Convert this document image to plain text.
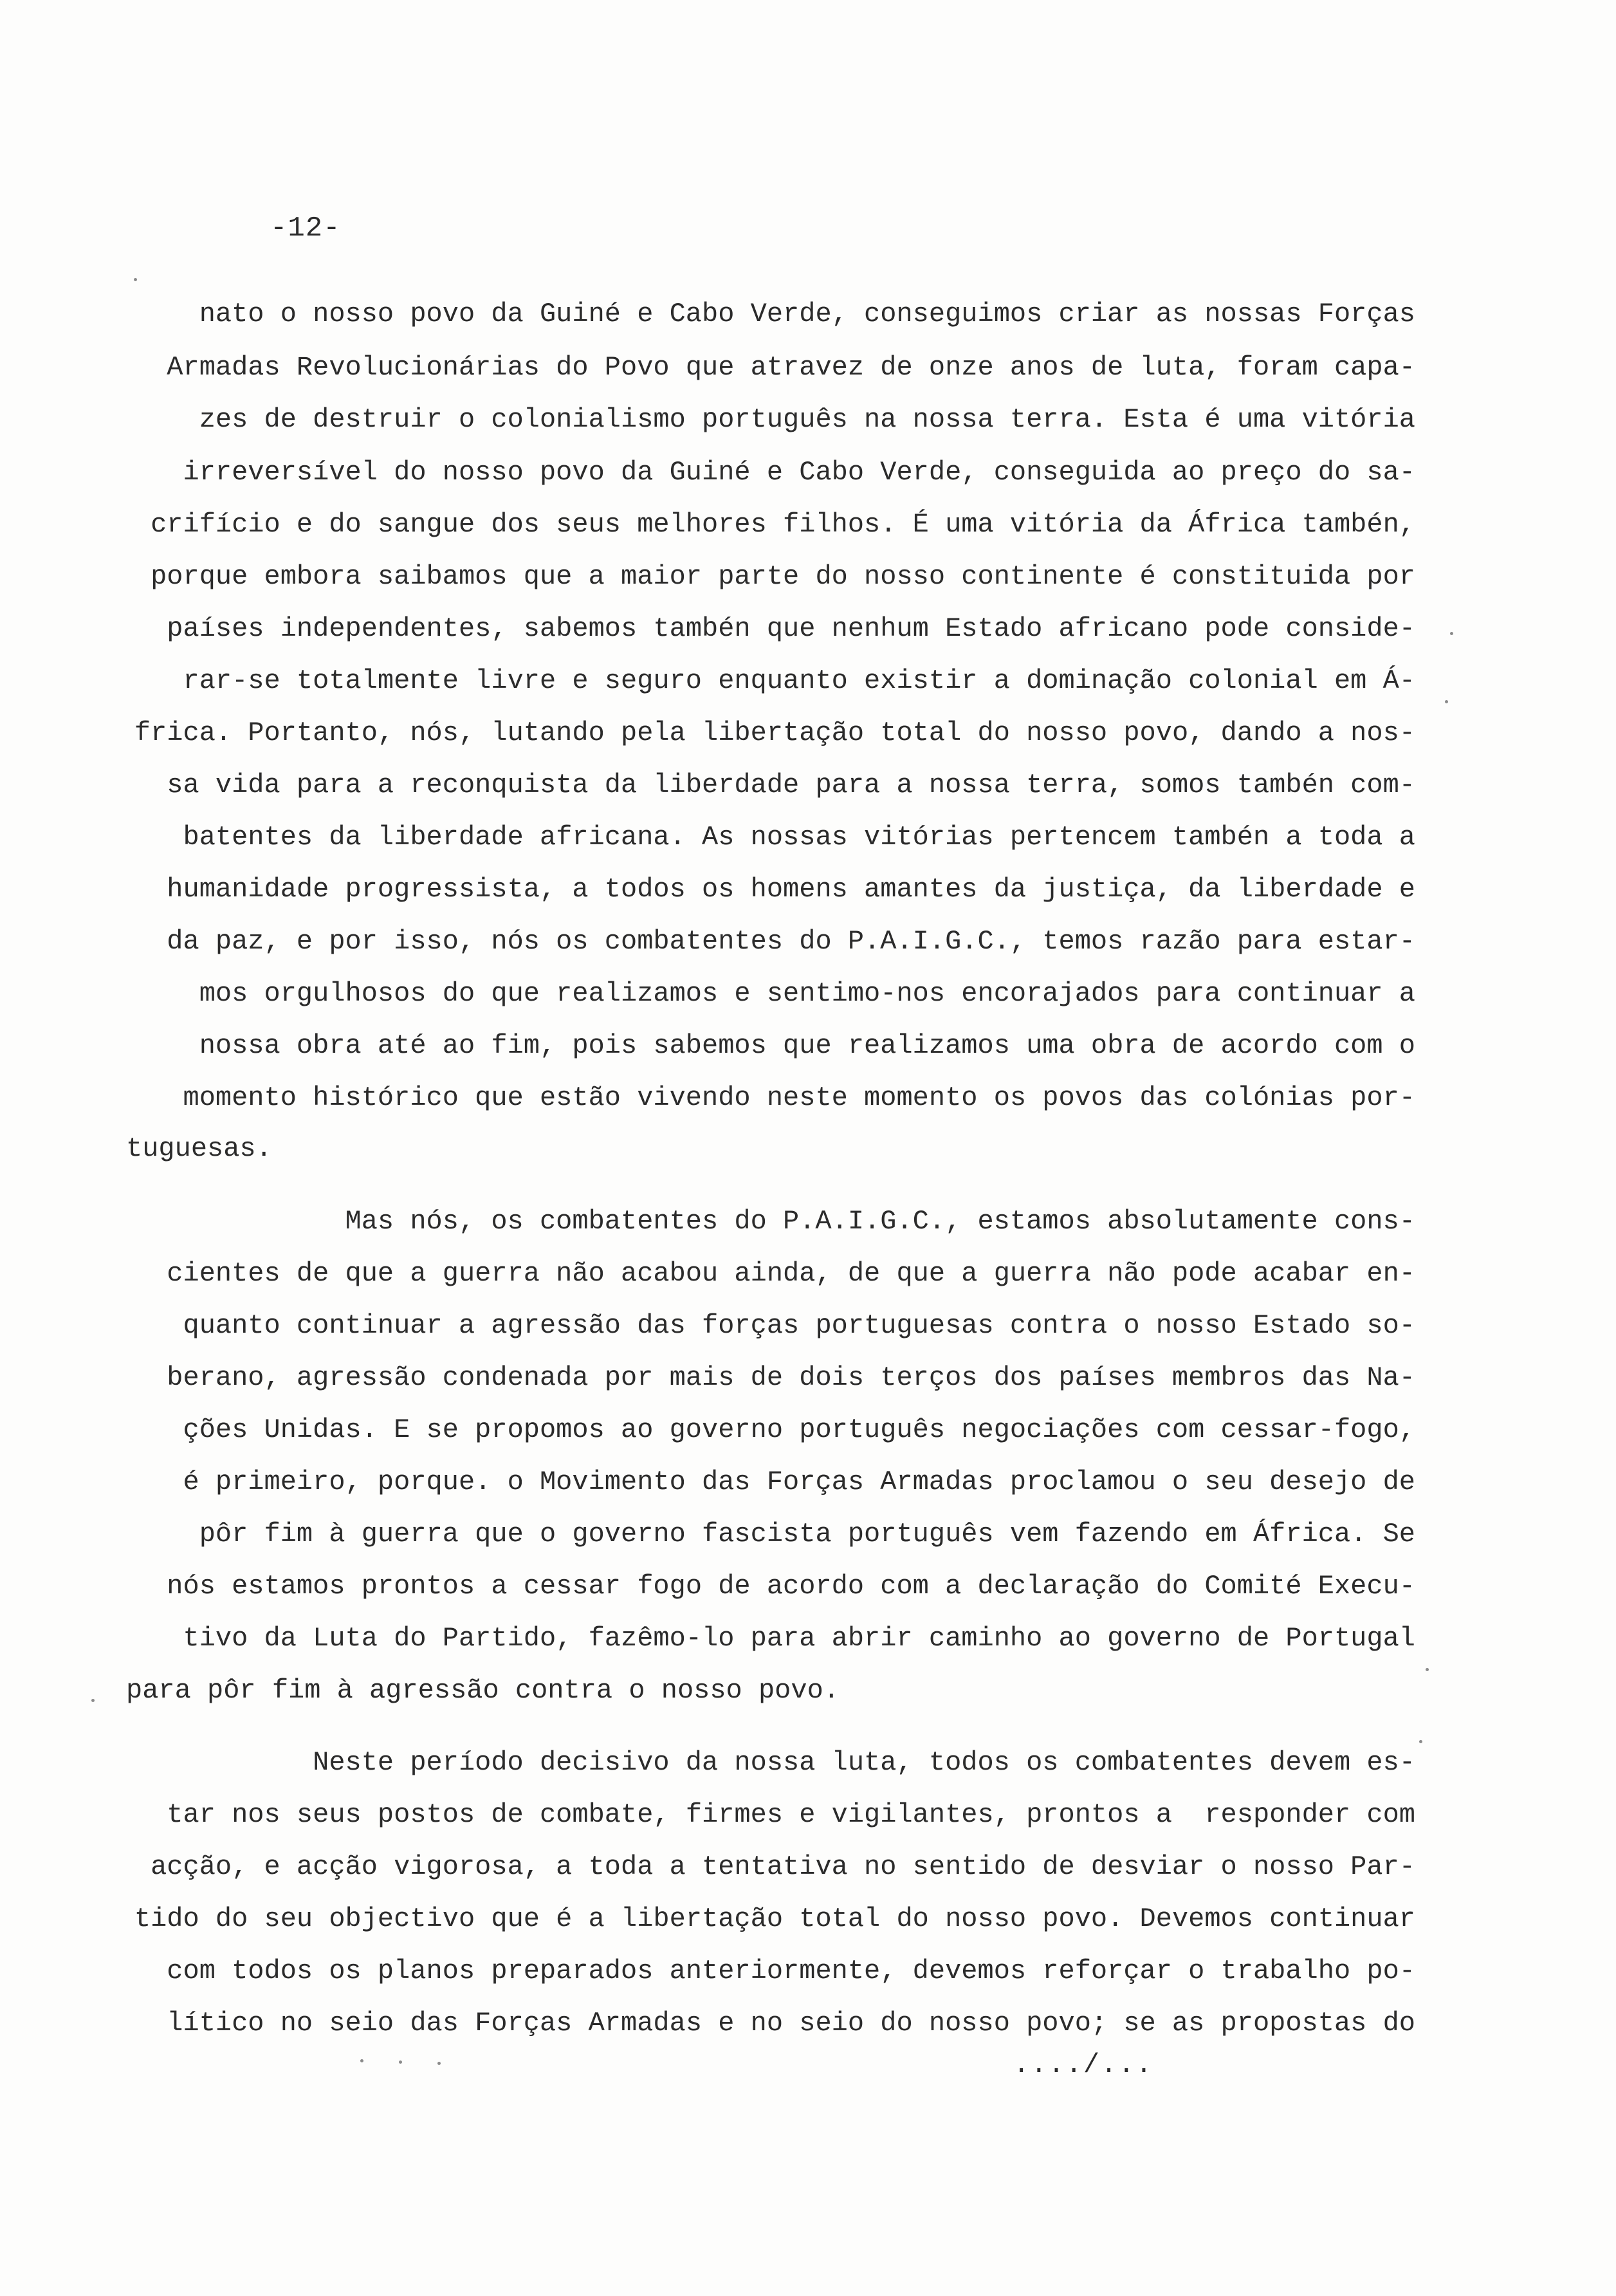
-12-
nato o nosso povo da Guiné e Cabo Verde, conseguimos criar as nossas Forças
Armadas Revolucionárias do Povo que atravez de onze anos de luta, foram capa-
zes de destruir o colonialismo português na nossa terra. Esta é uma vitória
irreversível do nosso povo da Guiné e Cabo Verde, conseguida ao preço do sa-
crifício e do sangue dos seus melhores filhos. É uma vitória da África tambén,
porque embora saibamos que a maior parte do nosso continente é constituida por
países independentes, sabemos tambén que nenhum Estado africano pode conside-
rar-se totalmente livre e seguro enquanto existir a dominação colonial em Á-
frica. Portanto, nós, lutando pela libertação total do nosso povo, dando a nos-
sa vida para a reconquista da liberdade para a nossa terra, somos tambén com-
batentes da liberdade africana. As nossas vitórias pertencem tambén a toda a
humanidade progressista, a todos os homens amantes da justiça, da liberdade e
da paz, e por isso, nós os combatentes do P.A.I.G.C., temos razão para estar-
mos orgulhosos do que realizamos e sentimo-nos encorajados para continuar a
nossa obra até ao fim, pois sabemos que realizamos uma obra de acordo com o
momento histórico que estão vivendo neste momento os povos das colónias por-
tuguesas.
Mas nós, os combatentes do P.A.I.G.C., estamos absolutamente cons-
cientes de que a guerra não acabou ainda, de que a guerra não pode acabar en-
quanto continuar a agressão das forças portuguesas contra o nosso Estado so-
berano, agressão condenada por mais de dois terços dos países membros das Na-
ções Unidas. E se propomos ao governo português negociações com cessar-fogo,
é primeiro, porque. o Movimento das Forças Armadas proclamou o seu desejo de
pôr fim à guerra que o governo fascista português vem fazendo em África. Se
nós estamos prontos a cessar fogo de acordo com a declaração do Comité Execu-
tivo da Luta do Partido, fazêmo-lo para abrir caminho ao governo de Portugal
para pôr fim à agressão contra o nosso povo.
Neste período decisivo da nossa luta, todos os combatentes devem es-
tar nos seus postos de combate, firmes e vigilantes, prontos a  responder com
acção, e acção vigorosa, a toda a tentativa no sentido de desviar o nosso Par-
tido do seu objectivo que é a libertação total do nosso povo. Devemos continuar
com todos os planos preparados anteriormente, devemos reforçar o trabalho po-
lítico no seio das Forças Armadas e no seio do nosso povo; se as propostas do
..../...
